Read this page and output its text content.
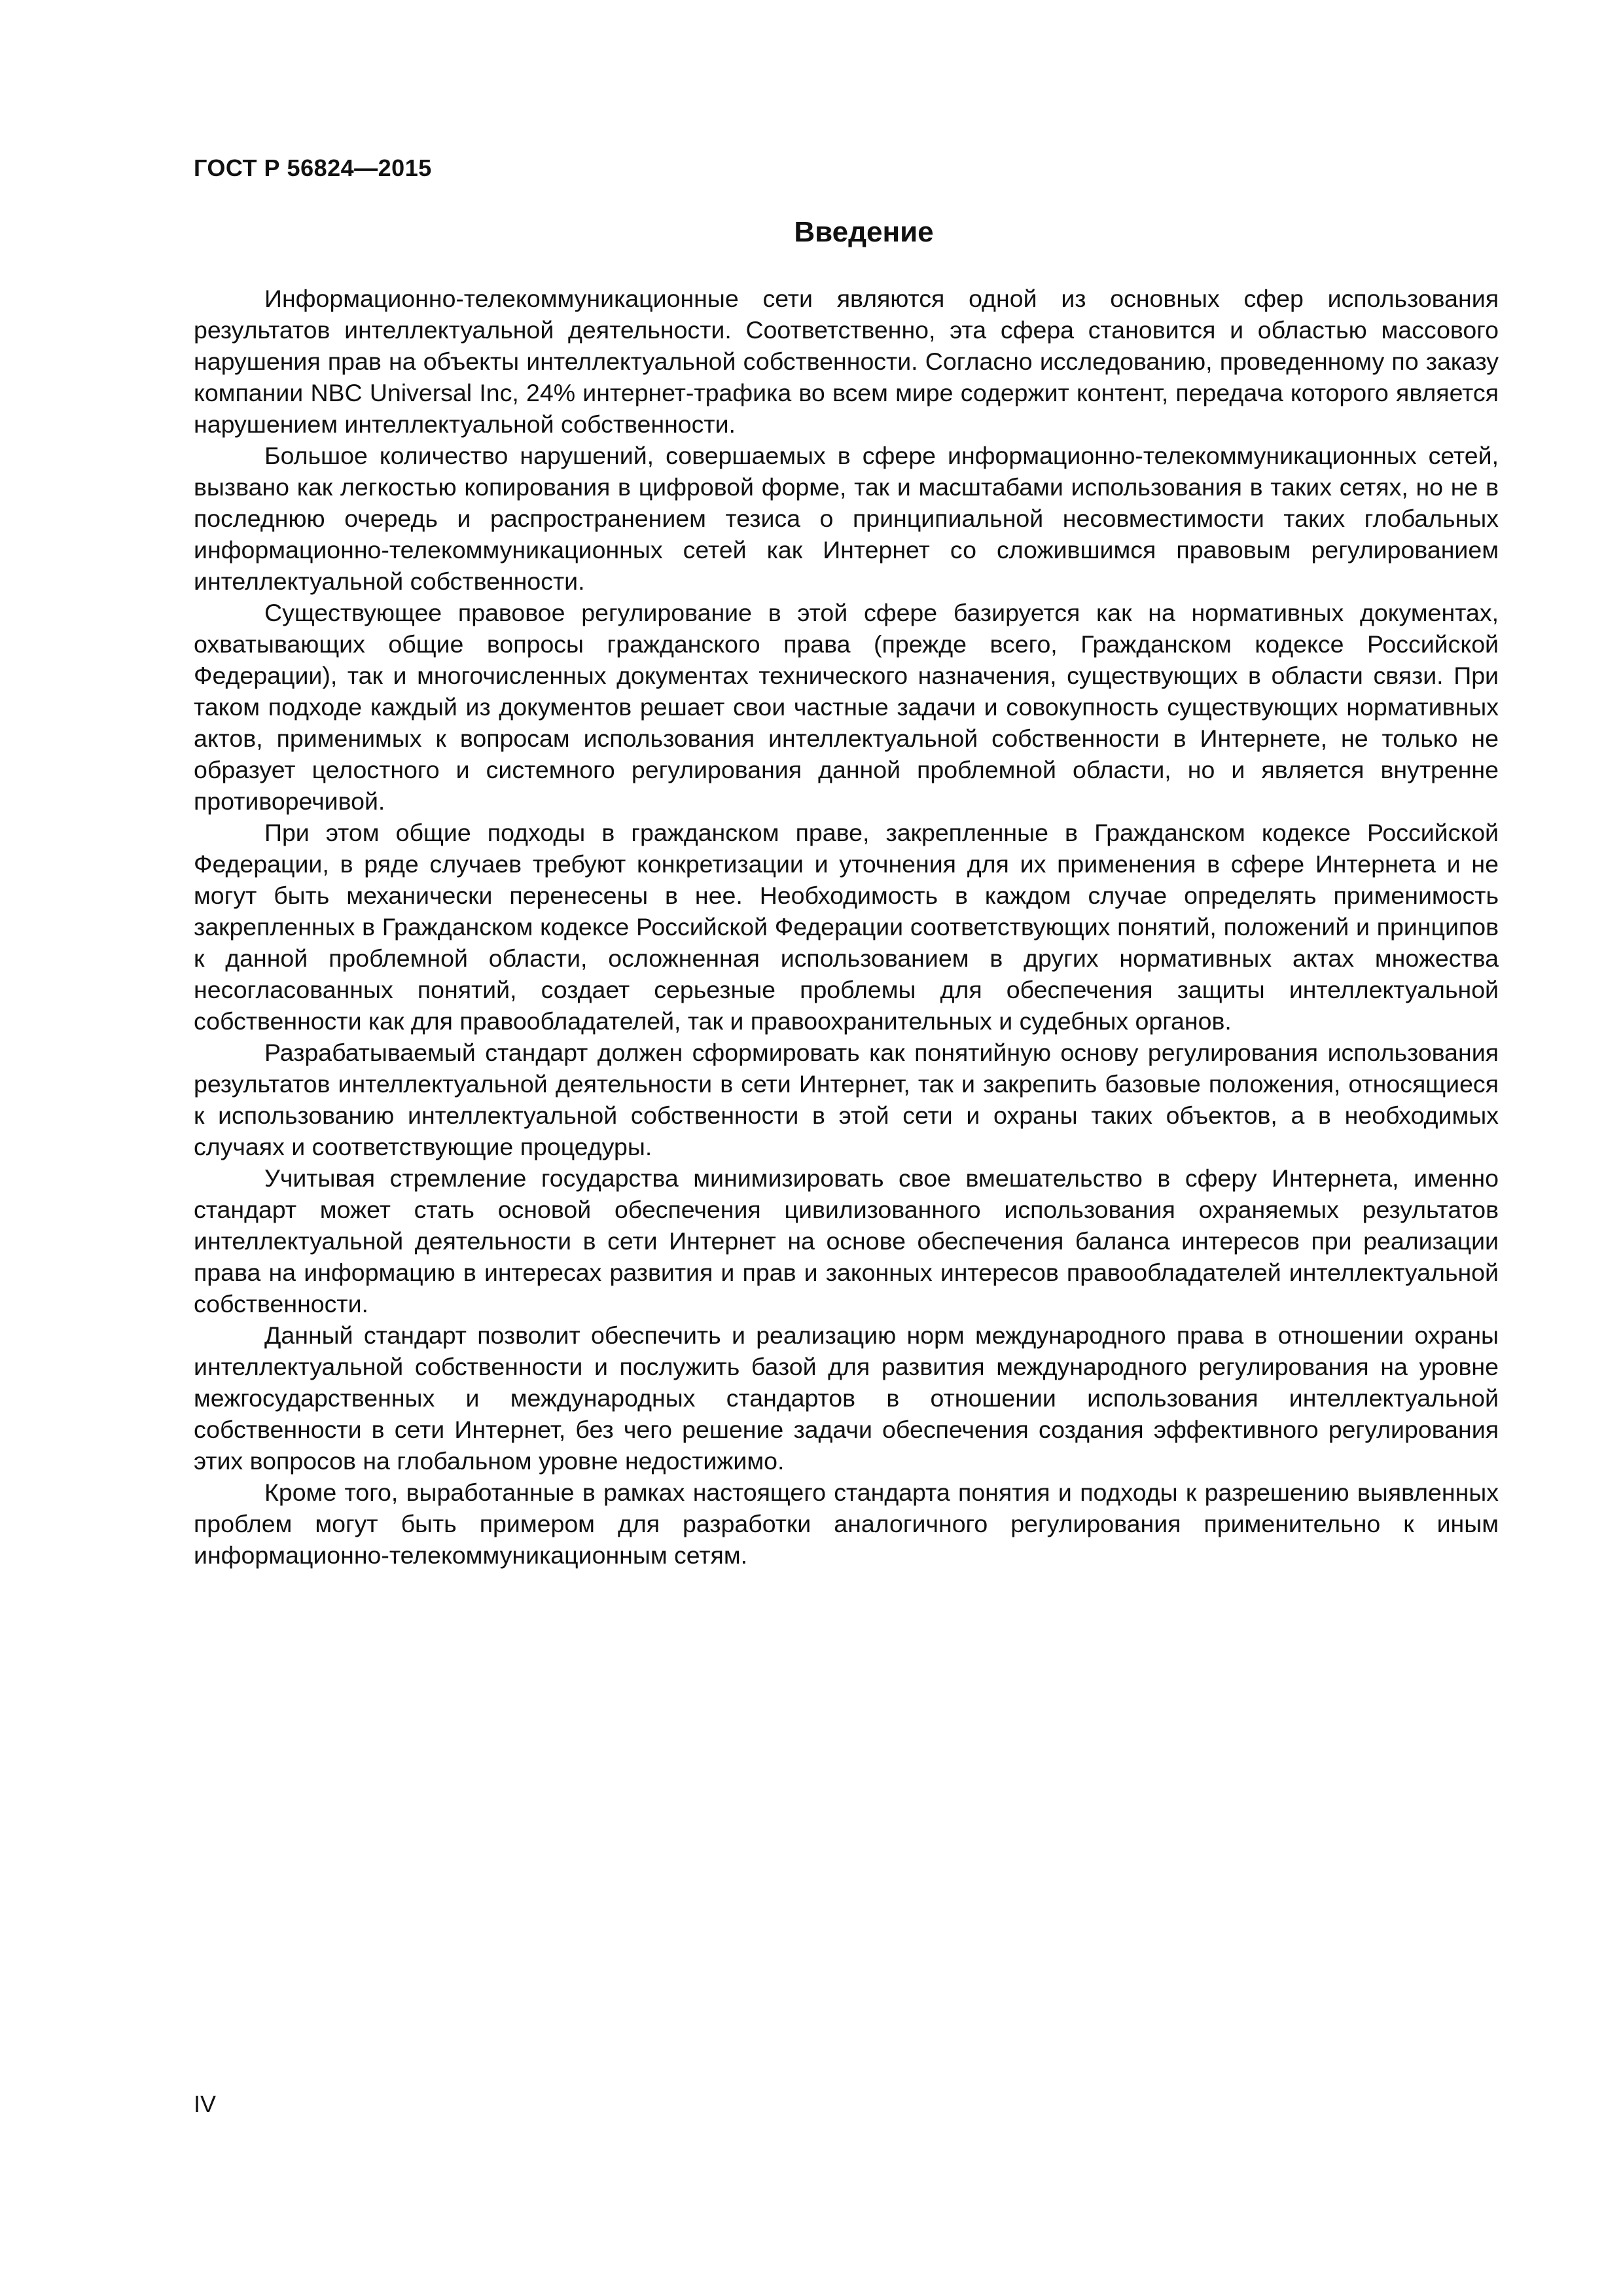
ГОСТ Р 56824—2015
Введение

Информационно-телекоммуникационные сети являются одной из основных сфер использования результатов интеллектуальной деятельности. Соответственно, эта сфера становится и областью массового нарушения прав на объекты интеллектуальной собственности. Согласно исследованию, проведенному по заказу компании NBC Universal Inc, 24% интернет-трафика во всем мире содержит контент, передача которого является нарушением интеллектуальной собственности.

Большое количество нарушений, совершаемых в сфере информационно-телекоммуникационных сетей, вызвано как легкостью копирования в цифровой форме, так и масштабами использования в таких сетях, но не в последнюю очередь и распространением тезиса о принципиальной несовместимости таких глобальных информационно-телекоммуникационных сетей как Интернет со сложившимся правовым регулированием интеллектуальной собственности.

Существующее правовое регулирование в этой сфере базируется как на нормативных документах, охватывающих общие вопросы гражданского права (прежде всего, Гражданском кодексе Российской Федерации), так и многочисленных документах технического назначения, существующих в области связи. При таком подходе каждый из документов решает свои частные задачи и совокупность существующих нормативных актов, применимых к вопросам использования интеллектуальной собственности в Интернете, не только не образует целостного и системного регулирования данной проблемной области, но и является внутренне противоречивой.

При этом общие подходы в гражданском праве, закрепленные в Гражданском кодексе Российской Федерации, в ряде случаев требуют конкретизации и уточнения для их применения в сфере Интернета и не могут быть механически перенесены в нее. Необходимость в каждом случае определять применимость закрепленных в Гражданском кодексе Российской Федерации соответствующих понятий, положений и принципов к данной проблемной области, осложненная использованием в других нормативных актах множества несогласованных понятий, создает серьезные проблемы для обеспечения защиты интеллектуальной собственности как для правообладателей, так и правоохранительных и судебных органов.

Разрабатываемый стандарт должен сформировать как понятийную основу регулирования использования результатов интеллектуальной деятельности в сети Интернет, так и закрепить базовые положения, относящиеся к использованию интеллектуальной собственности в этой сети и охраны таких объектов, а в необходимых случаях и соответствующие процедуры.

Учитывая стремление государства минимизировать свое вмешательство в сферу Интернета, именно стандарт может стать основой обеспечения цивилизованного использования охраняемых результатов интеллектуальной деятельности в сети Интернет на основе обеспечения баланса интересов при реализации права на информацию в интересах развития и прав и законных интересов правообладателей интеллектуальной собственности.

Данный стандарт позволит обеспечить и реализацию норм международного права в отношении охраны интеллектуальной собственности и послужить базой для развития международного регулирования на уровне межгосударственных и международных стандартов в отношении использования интеллектуальной собственности в сети Интернет, без чего решение задачи обеспечения создания эффективного регулирования этих вопросов на глобальном уровне недостижимо.

Кроме того, выработанные в рамках настоящего стандарта понятия и подходы к разрешению выявленных проблем могут быть примером для разработки аналогичного регулирования применительно к иным информационно-телекоммуникационным сетям.

IV
